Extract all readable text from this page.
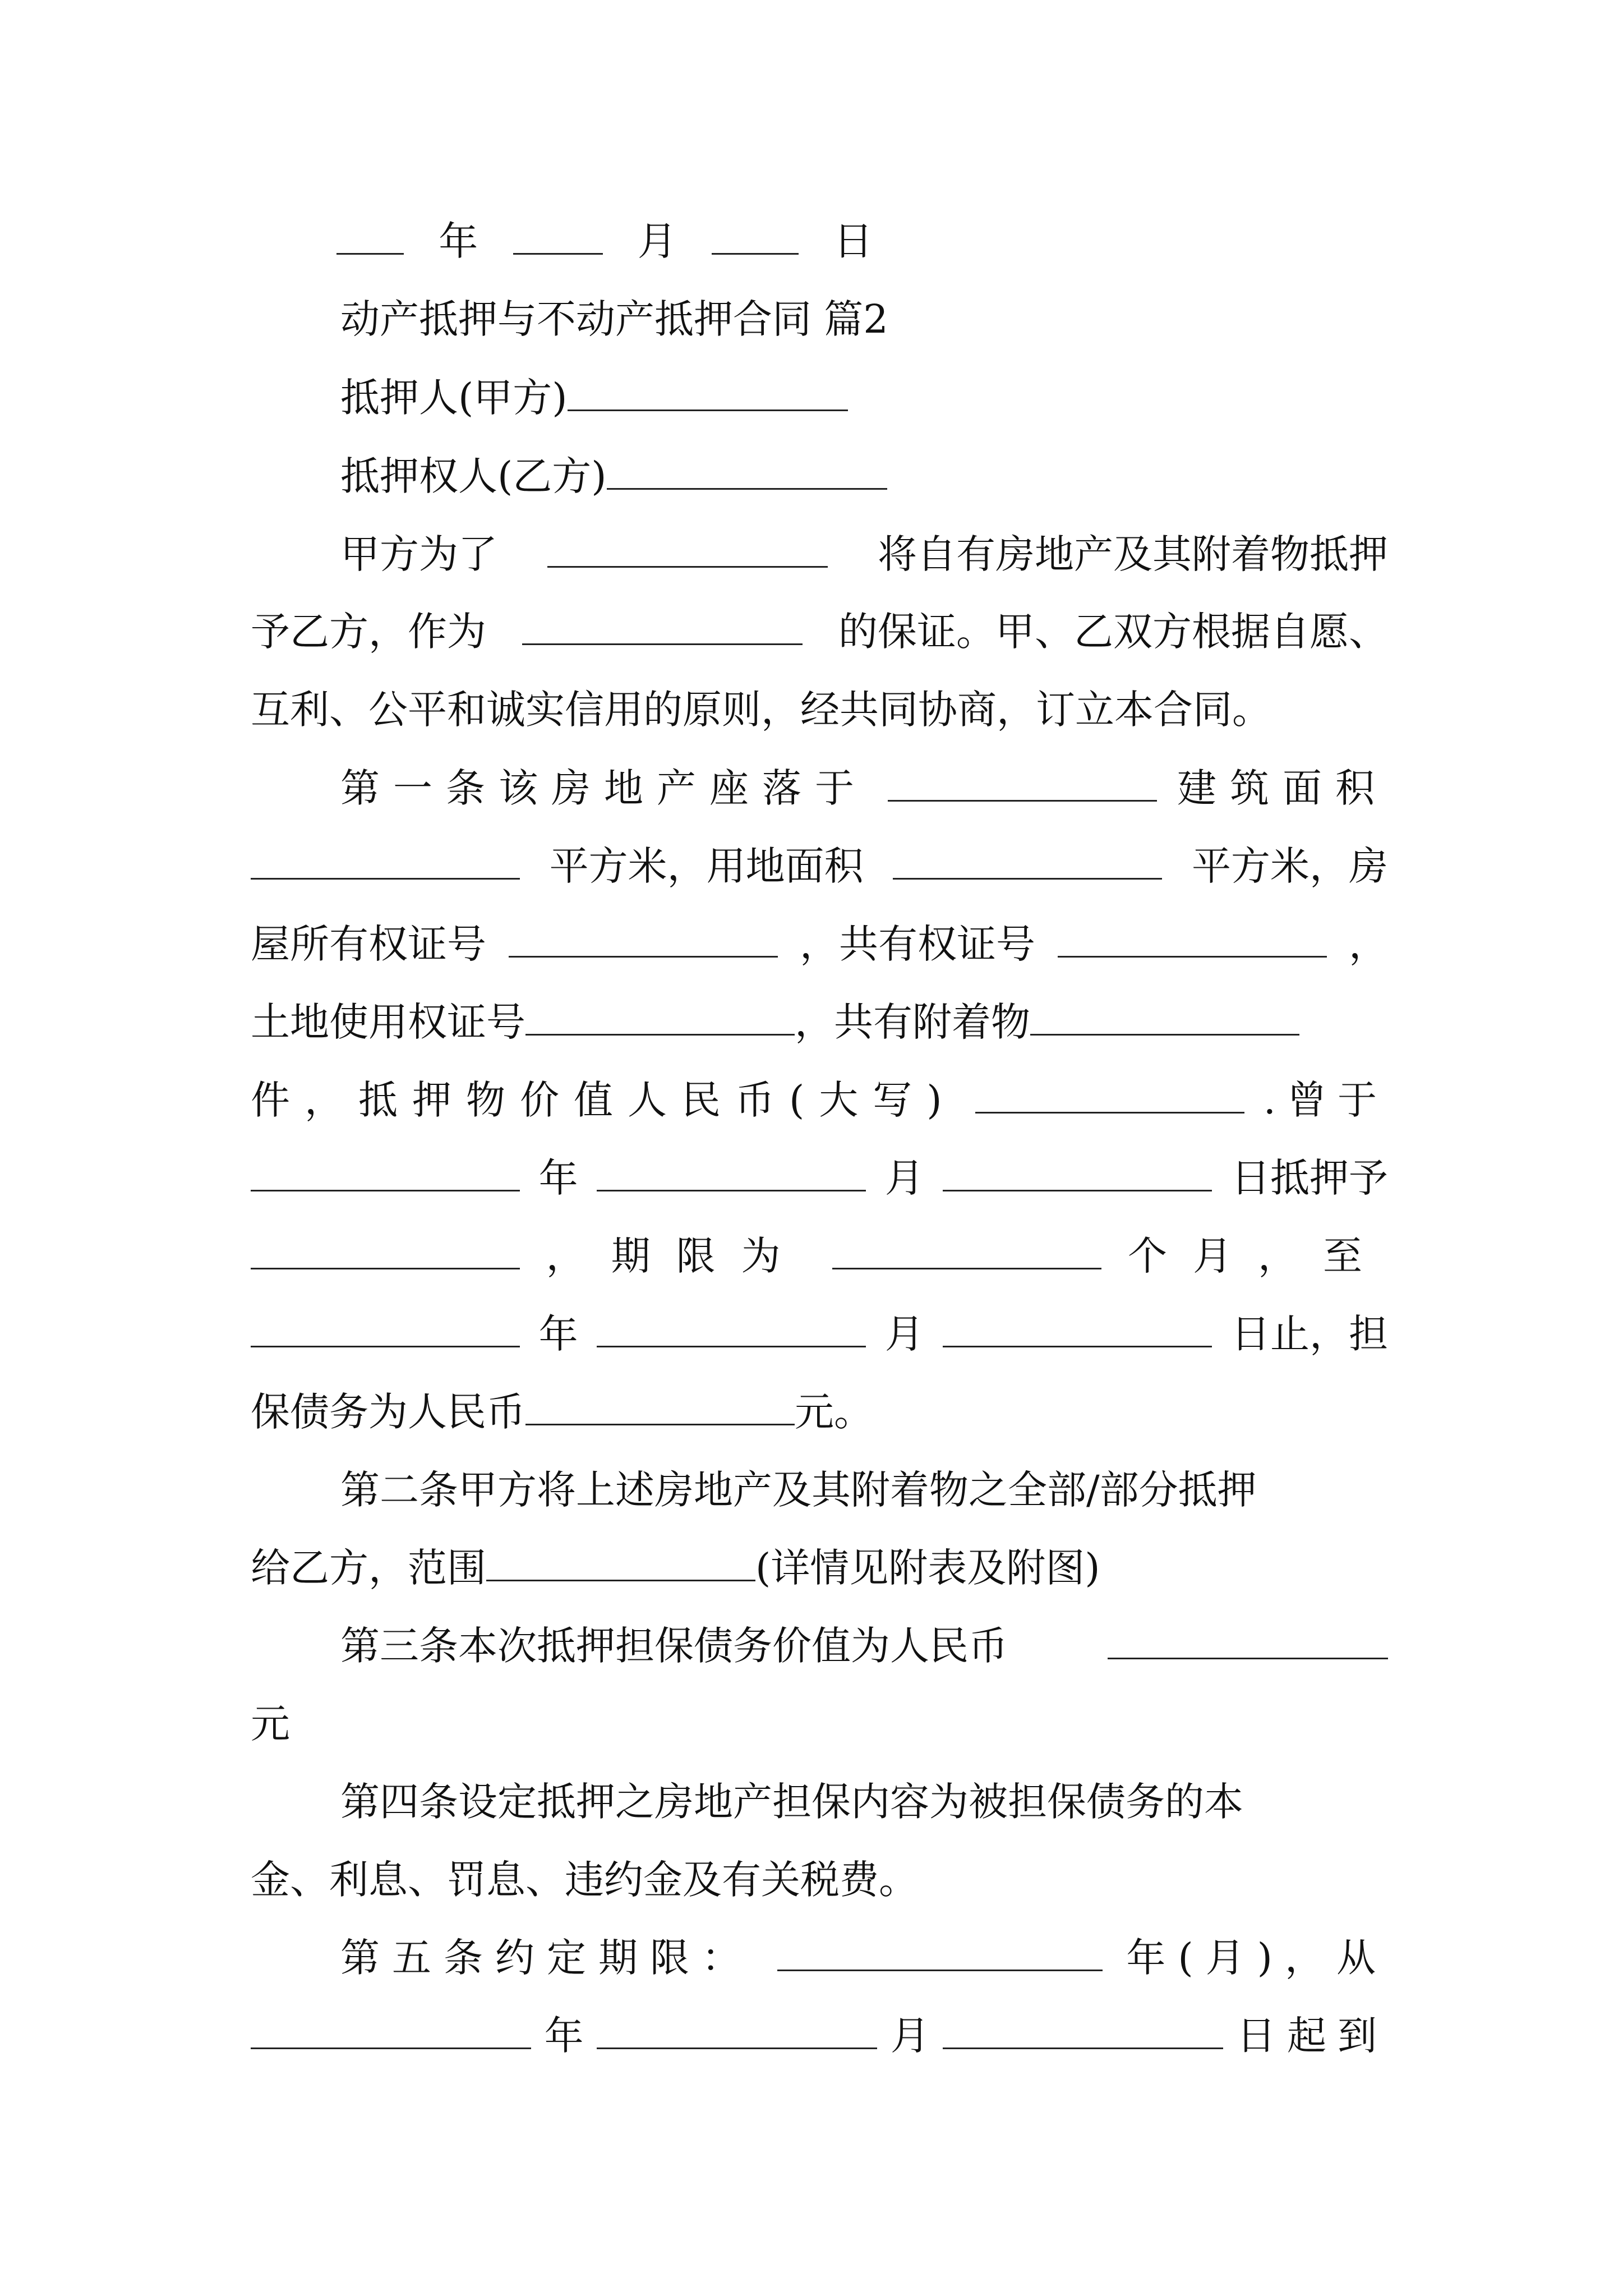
年	月	日
动产抵押与不动产抵押合同 篇2
抵押人(甲方)
抵押权人(乙方)
甲方为了	将自有房地产及其附着物抵押
予乙方，作为	的保证。甲、乙双方根据自愿、
互利、公平和诚实信用的原则，经共同协商，订立本合同。
第一条该房地产座落于	建筑面积
平方米，用地面积	平方米，房
屋所有权证号	，共有权证号	，
土地使用权证号	，共有附着物
件，抵押物价值人民币(大写)	.曾于
年	月	日抵押予
，期限为	个月，至
年	月	日止，担
保债务为人民币	元。
第二条甲方将上述房地产及其附着物之全部/部分抵押
给乙方，范围	(详情见附表及附图)
第三条本次抵押担保债务价值为人民币
元
第四条设定抵押之房地产担保内容为被担保债务的本
金、利息、罚息、违约金及有关税费。
第五条约定期限：	年(月)，从
年	月	日起到
